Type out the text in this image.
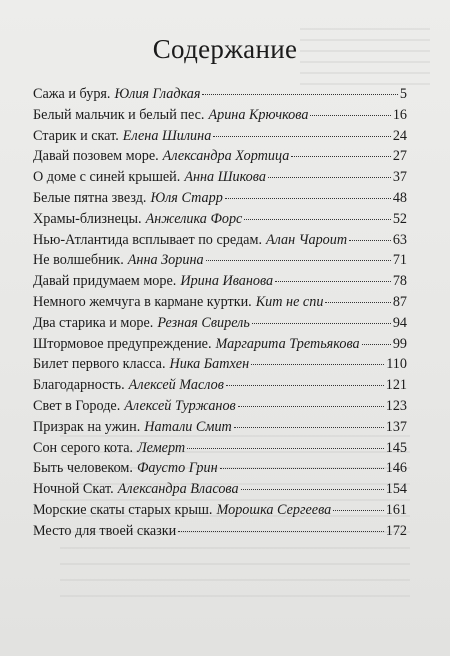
Содержание
Сажа и буря. Юлия Гладкая	5
Белый мальчик и белый пес. Арина Крючкова	16
Старик и скат. Елена Шилина	24
Давай позовем море. Александра Хортица	27
О доме с синей крышей. Анна Шикова	37
Белые пятна звезд. Юля Старр	48
Храмы-близнецы. Анжелика Форс	52
Нью-Атлантида всплывает по средам. Алан Чароит	63
Не волшебник. Анна Зорина	71
Давай придумаем море. Ирина Иванова	78
Немного жемчуга в кармане куртки. Кит не спи	87
Два старика и море. Резная Свирель	94
Штормовое предупреждение. Маргарита Третьякова 99
Билет первого класса. Ника Батхен	110
Благодарность. Алексей Маслов	121
Свет в Городе. Алексей Туржанов	123
Призрак на ужин. Натали Смит	137
Сон серого кота. Лемерт	145
Быть человеком. Фаусто Грин	146
Ночной Скат. Александра Власова	154
Морские скаты старых крыш. Морошка Сергеева	161
Место для твоей сказки	172
